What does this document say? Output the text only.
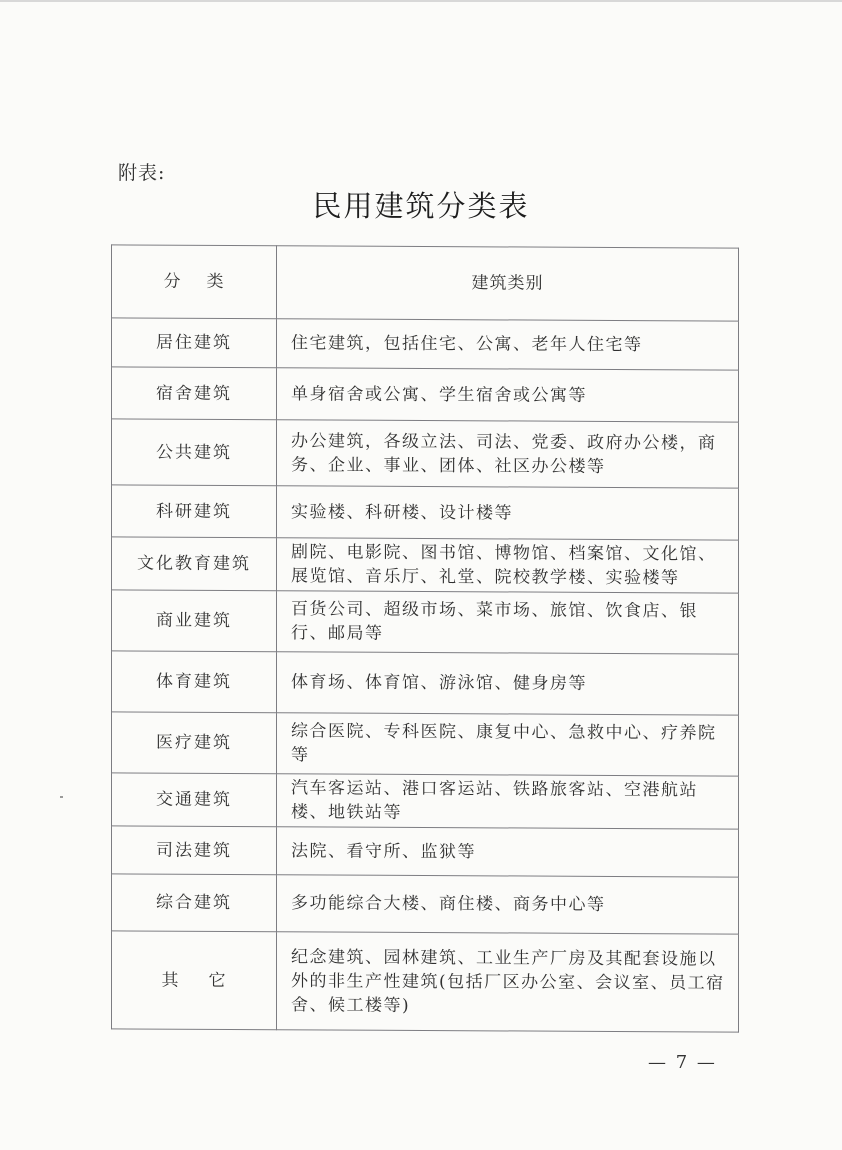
附表:
民用建筑分类表
分类	建筑类别
居住建筑	住宅建筑，包括住宅、公寓、老年人住宅等
宿舍建筑	单身宿舍或公寓、学生宿舍或公寓等
公共建筑	办公建筑，各级立法、司法、党委、政府办公楼，商务、企业、事业、团体、社区办公楼等
科研建筑	实验楼、科研楼、设计楼等
文化教育建筑	剧院、电影院、图书馆、博物馆、档案馆、文化馆、展览馆、音乐厅、礼堂、院校教学楼、实验楼等
商业建筑	百货公司、超级市场、菜市场、旅馆、饮食店、银行、邮局等
体育建筑	体育场、体育馆、游泳馆、健身房等
医疗建筑	综合医院、专科医院、康复中心、急救中心、疗养院等
交通建筑	汽车客运站、港口客运站、铁路旅客站、空港航站楼、地铁站等
司法建筑	法院、看守所、监狱等
综合建筑	多功能综合大楼、商住楼、商务中心等
其它	纪念建筑、园林建筑、工业生产厂房及其配套设施以外的非生产性建筑(包括厂区办公室、会议室、员工宿舍、候工楼等)
— 7 —
